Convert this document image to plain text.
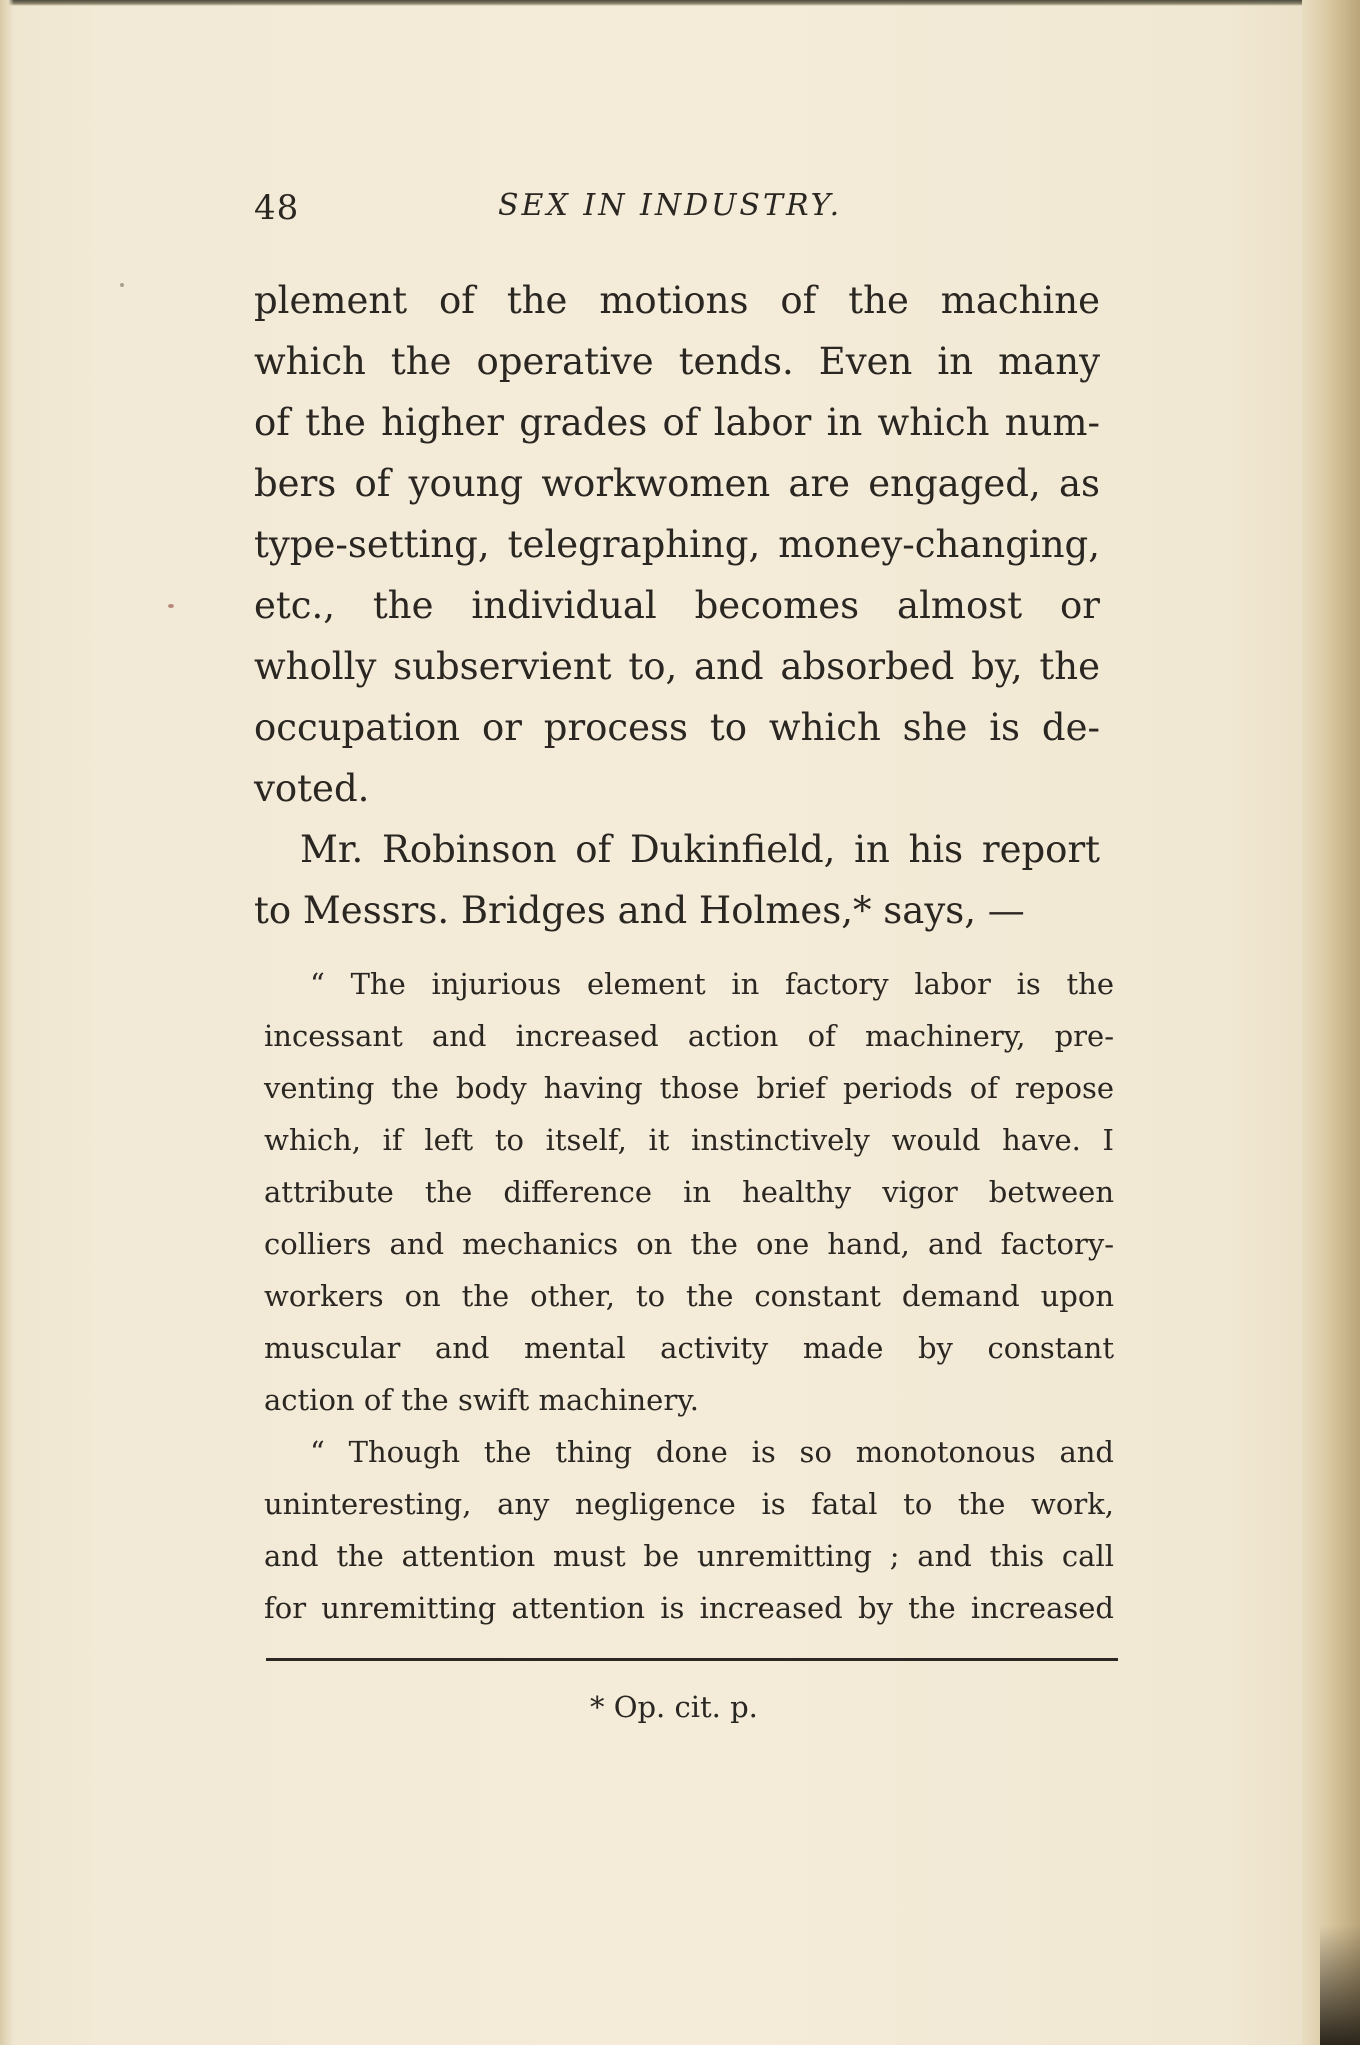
48	SEX IN INDUSTRY.
plement of the motions of the machine
which the operative tends. Even in many
of the higher grades of labor in which num-
bers of young workwomen are engaged, as
type-setting, telegraphing, money-changing,
etc., the individual becomes almost or
wholly subservient to, and absorbed by, the
occupation or process to which she is de-
voted.
Mr. Robinson of Dukinfield, in his report
to Messrs. Bridges and Holmes,* says, —
“ The injurious element in factory labor is the
incessant and increased action of machinery, pre-
venting the body having those brief periods of repose
which, if left to itself, it instinctively would have. I
attribute the difference in healthy vigor between
colliers and mechanics on the one hand, and factory-
workers on the other, to the constant demand upon
muscular and mental activity made by constant
action of the swift machinery.
“ Though the thing done is so monotonous and
uninteresting, any negligence is fatal to the work,
and the attention must be unremitting ; and this call
for unremitting attention is increased by the increased
* Op. cit. p.
